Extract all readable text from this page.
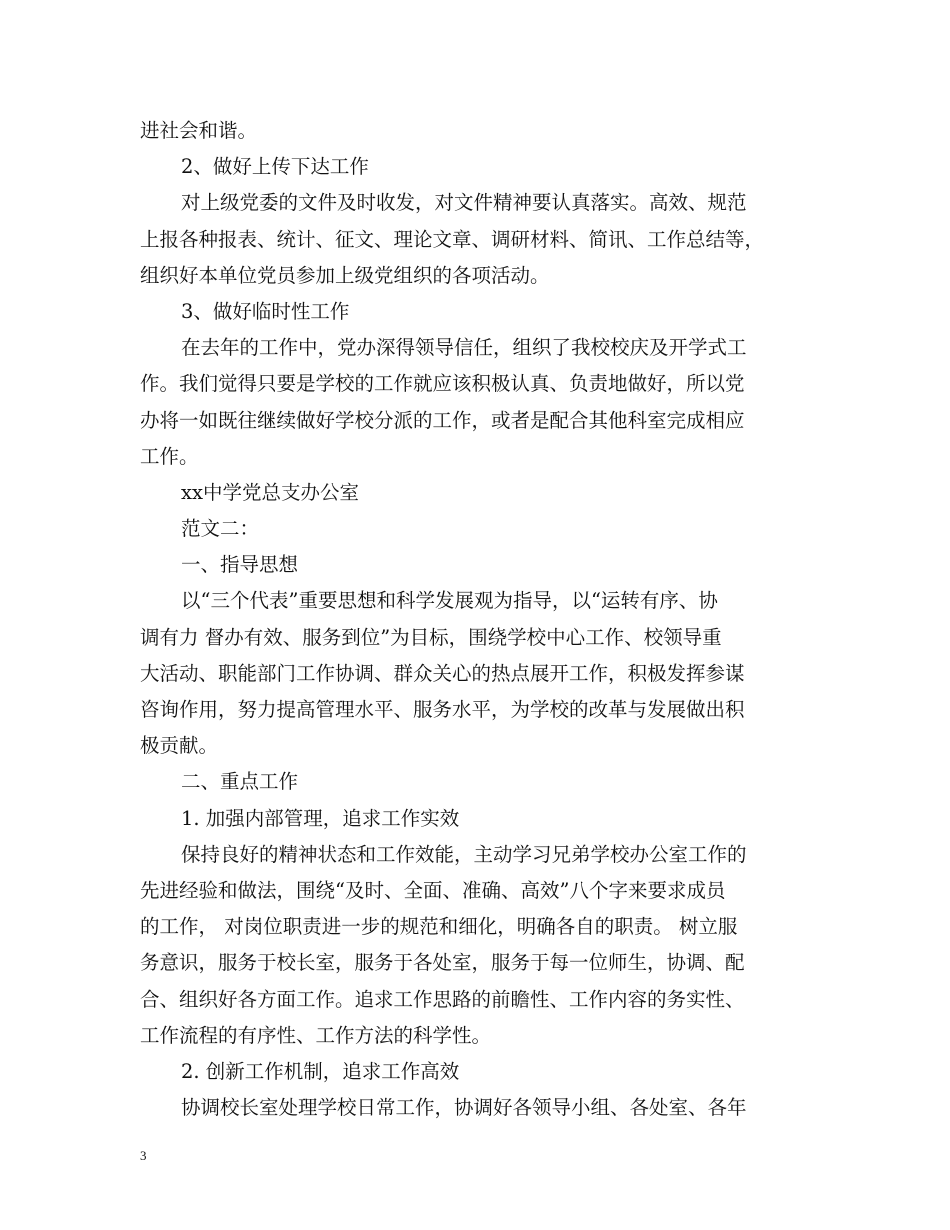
进社会和谐。
2、做好上传下达工作
对上级党委的文件及时收发，对文件精神要认真落实。高效、规范
上报各种报表、统计、征文、理论文章、调研材料、简讯、工作总结等，
组织好本单位党员参加上级党组织的各项活动。
3、做好临时性工作
在去年的工作中，党办深得领导信任，组织了我校校庆及开学式工
作。我们觉得只要是学校的工作就应该积极认真、负责地做好，所以党
办将一如既往继续做好学校分派的工作，或者是配合其他科室完成相应
工作。
xx中学党总支办公室
范文二：
一、指导思想
以“三个代表”重要思想和科学发展观为指导，以“运转有序、协
调有力 督办有效、服务到位”为目标，围绕学校中心工作、校领导重
大活动、职能部门工作协调、群众关心的热点展开工作，积极发挥参谋
咨询作用，努力提高管理水平、服务水平，为学校的改革与发展做出积
极贡献。
二、重点工作
1. 加强内部管理，追求工作实效
保持良好的精神状态和工作效能，主动学习兄弟学校办公室工作的
先进经验和做法，围绕“及时、全面、准确、高效”八个字来要求成员
的工作， 对岗位职责进一步的规范和细化，明确各自的职责。 树立服
务意识，服务于校长室，服务于各处室，服务于每一位师生，协调、配
合、组织好各方面工作。追求工作思路的前瞻性、工作内容的务实性、
工作流程的有序性、工作方法的科学性。
2. 创新工作机制，追求工作高效
协调校长室处理学校日常工作，协调好各领导小组、各处室、各年
3
